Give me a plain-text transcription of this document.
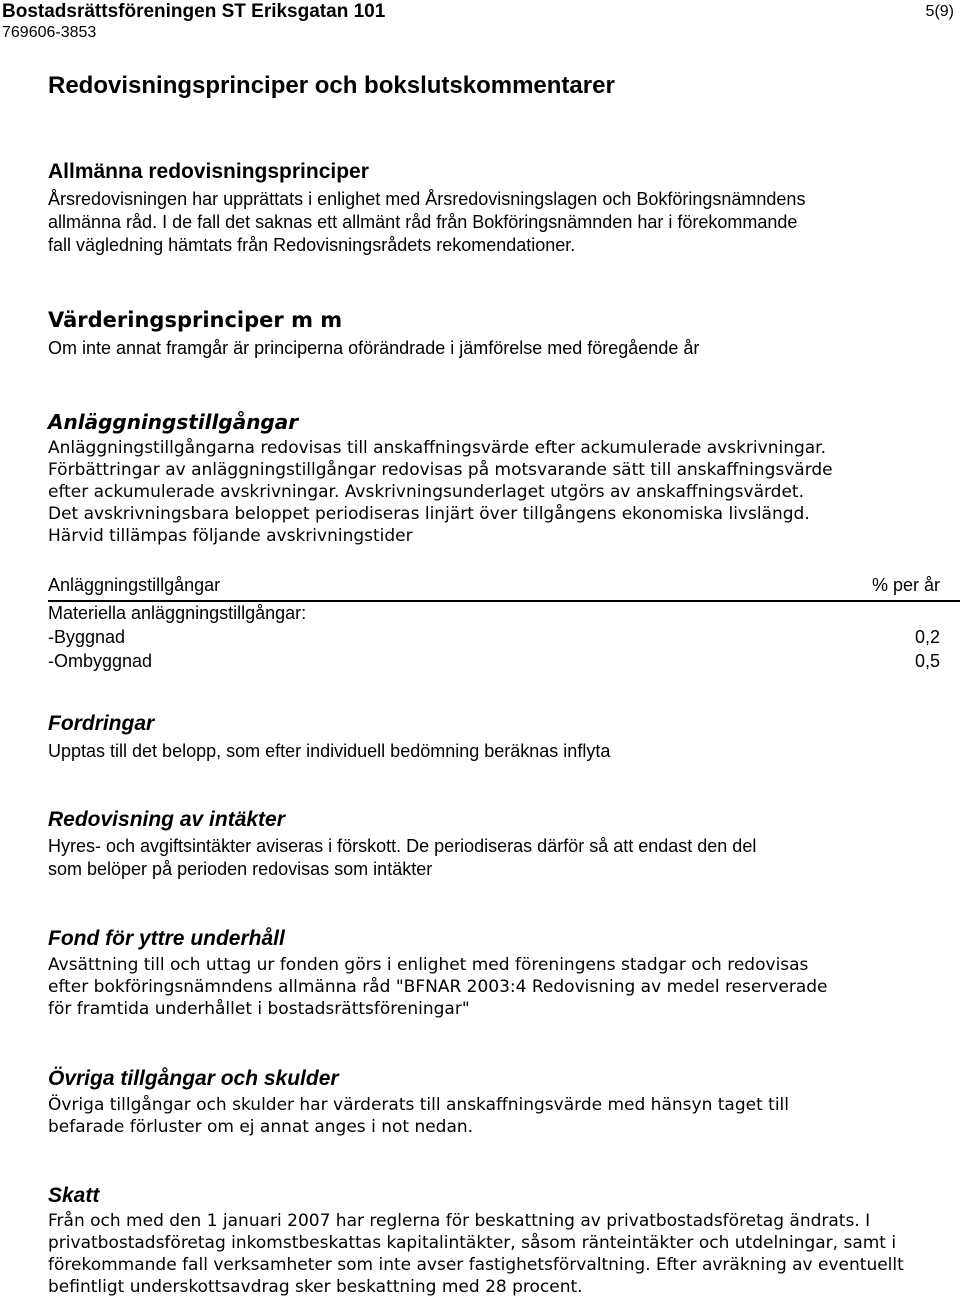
Bostadsrättsföreningen ST Eriksgatan 101
769606-3853
5(9)
Redovisningsprinciper och bokslutskommentarer
Allmänna redovisningsprinciper
Årsredovisningen har upprättats i enlighet med Årsredovisningslagen och Bokföringsnämndens
allmänna råd. I de fall det saknas ett allmänt råd från Bokföringsnämnden har i förekommande
fall vägledning hämtats från Redovisningsrådets rekomendationer.
Värderingsprinciper m m
Om inte annat framgår är principerna oförändrade i jämförelse med föregående år
Anläggningstillgångar
Anläggningstillgångarna redovisas till anskaffningsvärde efter ackumulerade avskrivningar.
Förbättringar av anläggningstillgångar redovisas på motsvarande sätt till anskaffningsvärde
efter ackumulerade avskrivningar. Avskrivningsunderlaget utgörs av anskaffningsvärdet.
Det avskrivningsbara beloppet periodiseras linjärt över tillgångens ekonomiska livslängd.
Härvid tillämpas följande avskrivningstider
Anläggningstillgångar	% per år
Materiella anläggningstillgångar:
-Byggnad	0,2
-Ombyggnad	0,5
Fordringar
Upptas till det belopp, som efter individuell bedömning beräknas inflyta
Redovisning av intäkter
Hyres- och avgiftsintäkter aviseras i förskott. De periodiseras därför så att endast den del
som belöper på perioden redovisas som intäkter
Fond för yttre underhåll
Avsättning till och uttag ur fonden görs i enlighet med föreningens stadgar och redovisas
efter bokföringsnämndens allmänna råd "BFNAR 2003:4 Redovisning av medel reserverade
för framtida underhållet i bostadsrättsföreningar"
Övriga tillgångar och skulder
Övriga tillgångar och skulder har värderats till anskaffningsvärde med hänsyn taget till
befarade förluster om ej annat anges i not nedan.
Skatt
Från och med den 1 januari 2007 har reglerna för beskattning av privatbostadsföretag ändrats. I
privatbostadsföretag inkomstbeskattas kapitalintäkter, såsom ränteintäkter och utdelningar, samt i
förekommande fall verksamheter som inte avser fastighetsförvaltning. Efter avräkning av eventuellt
befintligt underskottsavdrag sker beskattning med 28 procent.
